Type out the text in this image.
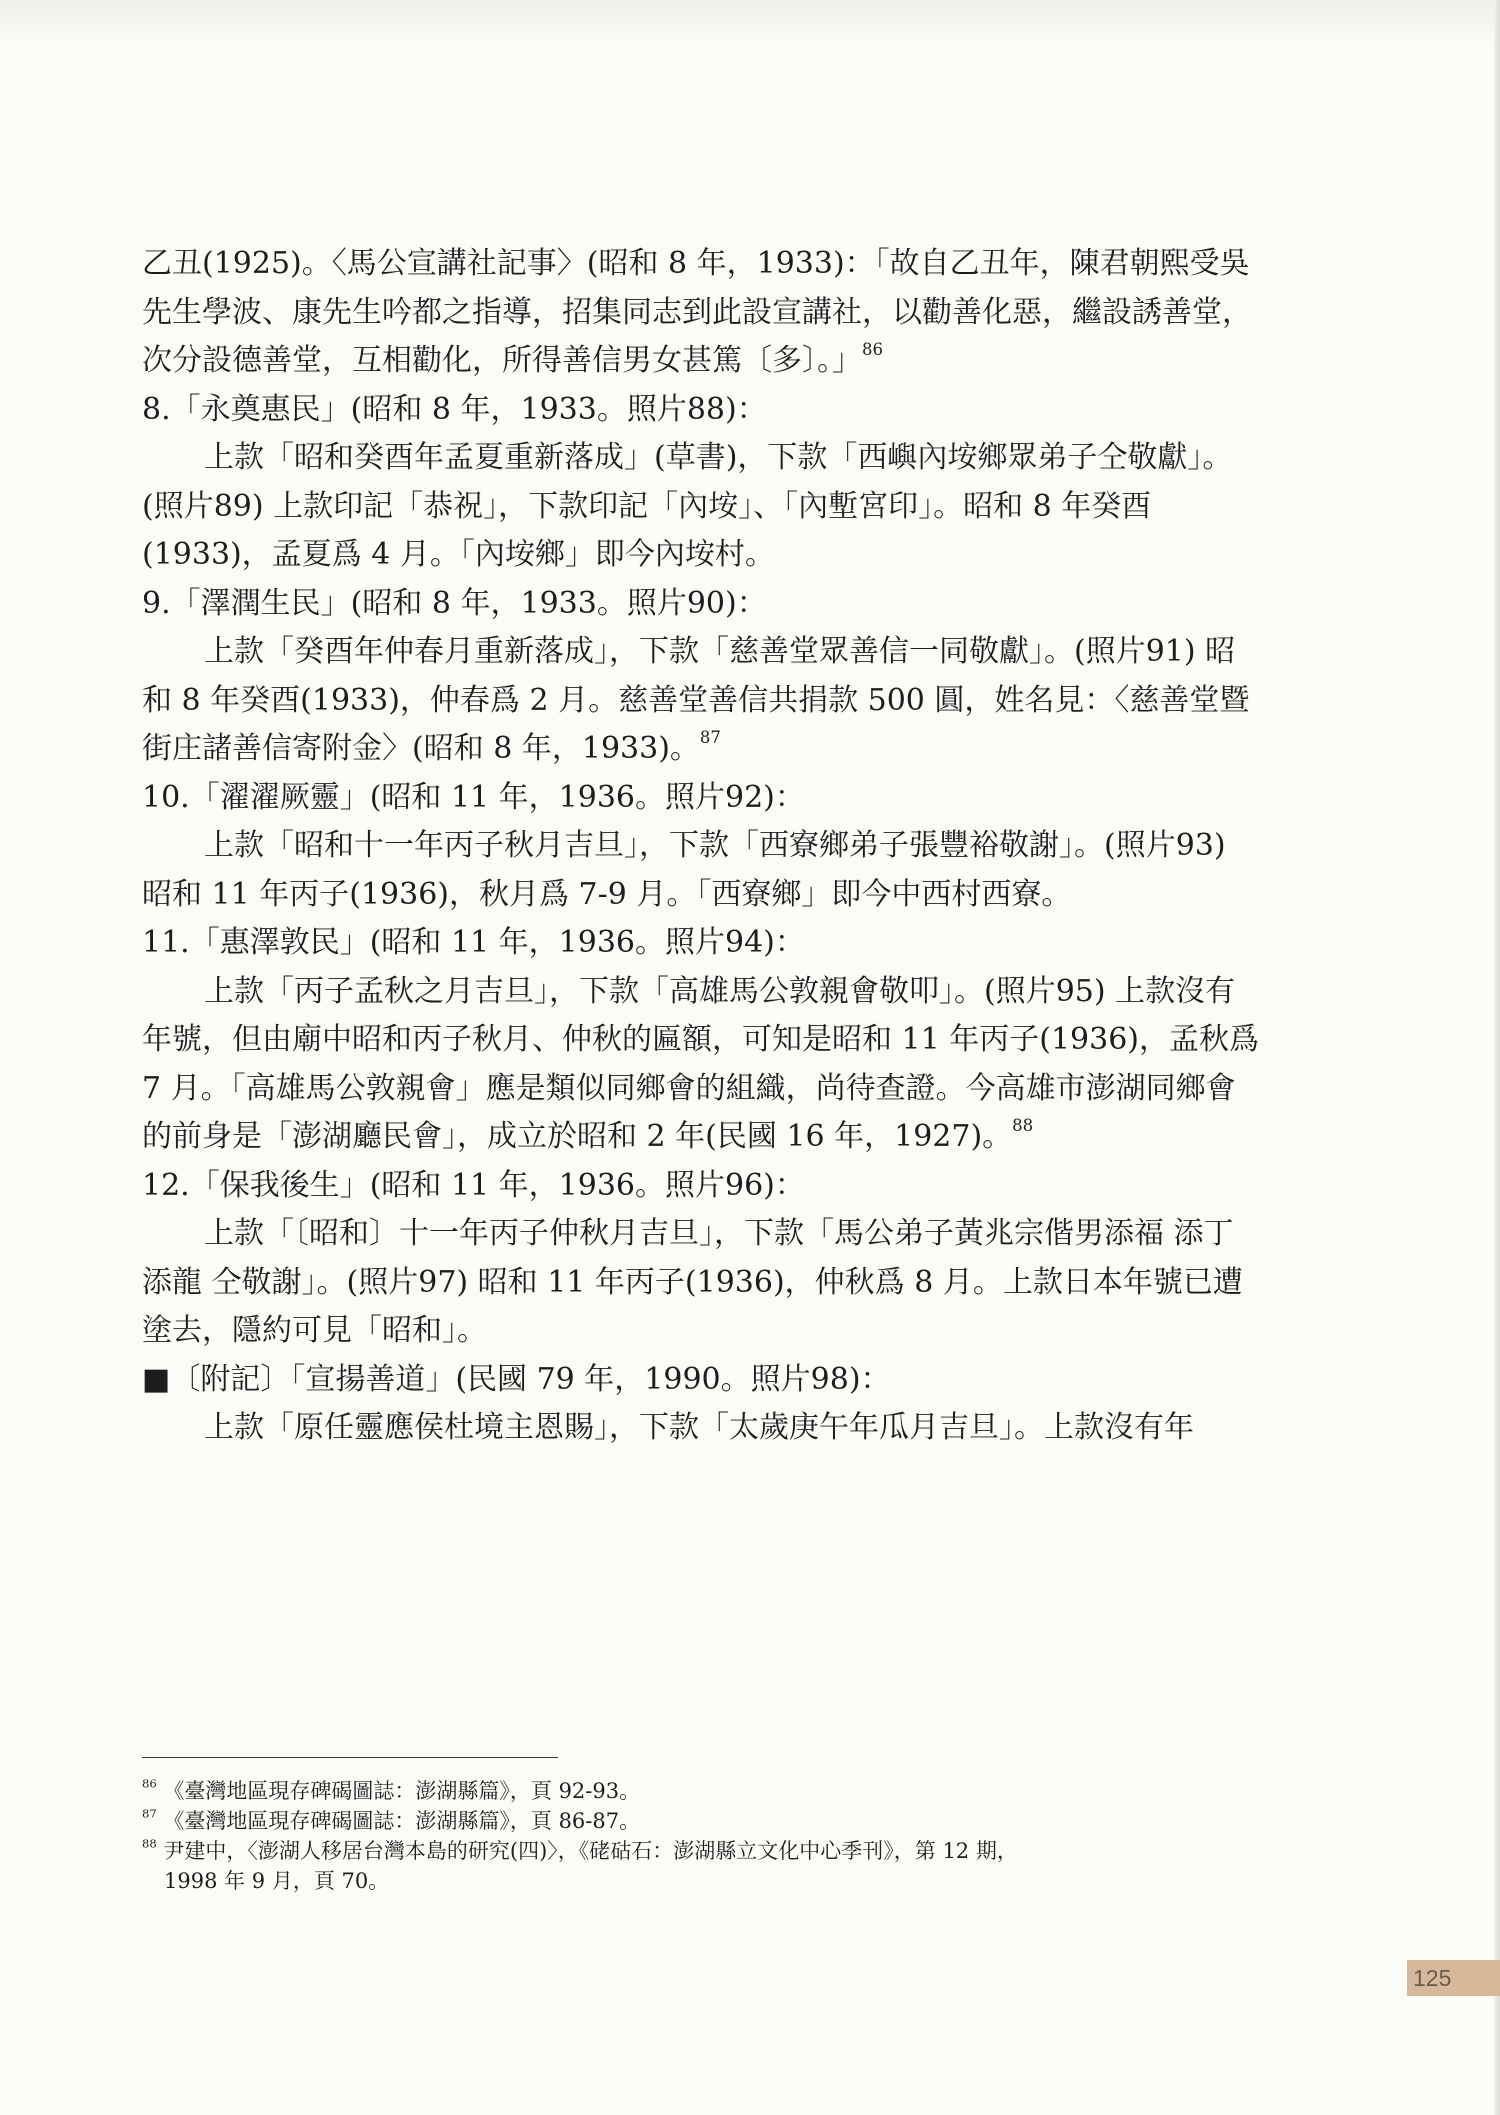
乙丑(1925)。〈馬公宣講社記事〉(昭和 8 年，1933)：「故自乙丑年，陳君朝熙受吳先生學波、康先生吟都之指導，招集同志到此設宣講社，以勸善化惡，繼設誘善堂，次分設德善堂，互相勸化，所得善信男女甚篤〔多〕。」$^{86}$

8.「永奠惠民」(昭和 8 年，1933。照片88)：

上款「昭和癸酉年孟夏重新落成」(草書)，下款「西嶼內垵鄉眾弟子仝敬獻」。(照片89) 上款印記「恭祝」，下款印記「內垵」、「內塹宮印」。昭和 8 年癸酉(1933)，孟夏爲 4 月。「內垵鄉」即今內垵村。

9.「澤潤生民」(昭和 8 年，1933。照片90)：

上款「癸酉年仲春月重新落成」，下款「慈善堂眾善信一同敬獻」。(照片91) 昭和 8 年癸酉(1933)，仲春爲 2 月。慈善堂善信共捐款 500 圓，姓名見：〈慈善堂暨街庄諸善信寄附金〉(昭和 8 年，1933)。$^{87}$

10.「濯濯厥靈」(昭和 11 年，1936。照片92)：

上款「昭和十一年丙子秋月吉旦」，下款「西寮鄉弟子張豐裕敬謝」。(照片93) 昭和 11 年丙子(1936)，秋月爲 7-9 月。「西寮鄉」即今中西村西寮。

11.「惠澤敦民」(昭和 11 年，1936。照片94)：

上款「丙子孟秋之月吉旦」，下款「高雄馬公敦親會敬叩」。(照片95) 上款沒有年號，但由廟中昭和丙子秋月、仲秋的匾額，可知是昭和 11 年丙子(1936)，孟秋爲 7 月。「高雄馬公敦親會」應是類似同鄉會的組織，尚待查證。今高雄市澎湖同鄉會的前身是「澎湖廳民會」，成立於昭和 2 年(民國 16 年，1927)。$^{88}$

12.「保我後生」(昭和 11 年，1936。照片96)：

上款「〔昭和〕十一年丙子仲秋月吉旦」，下款「馬公弟子黃兆宗偕男添福 添丁 添龍 仝敬謝」。(照片97) 昭和 11 年丙子(1936)，仲秋爲 8 月。上款日本年號已遭塗去，隱約可見「昭和」。

■〔附記〕「宣揚善道」(民國 79 年，1990。照片98)：

上款「原任靈應侯杜境主恩賜」，下款「太歲庚午年瓜月吉旦」。上款沒有年

$^{86}$ 《臺灣地區現存碑碣圖誌：澎湖縣篇》，頁 92-93。

$^{87}$ 《臺灣地區現存碑碣圖誌：澎湖縣篇》，頁 86-87。

$^{88}$ 尹建中，〈澎湖人移居台灣本島的研究(四)〉，《硓𥑮石：澎湖縣立文化中心季刊》，第 12 期，

1998 年 9 月，頁 70。

125
